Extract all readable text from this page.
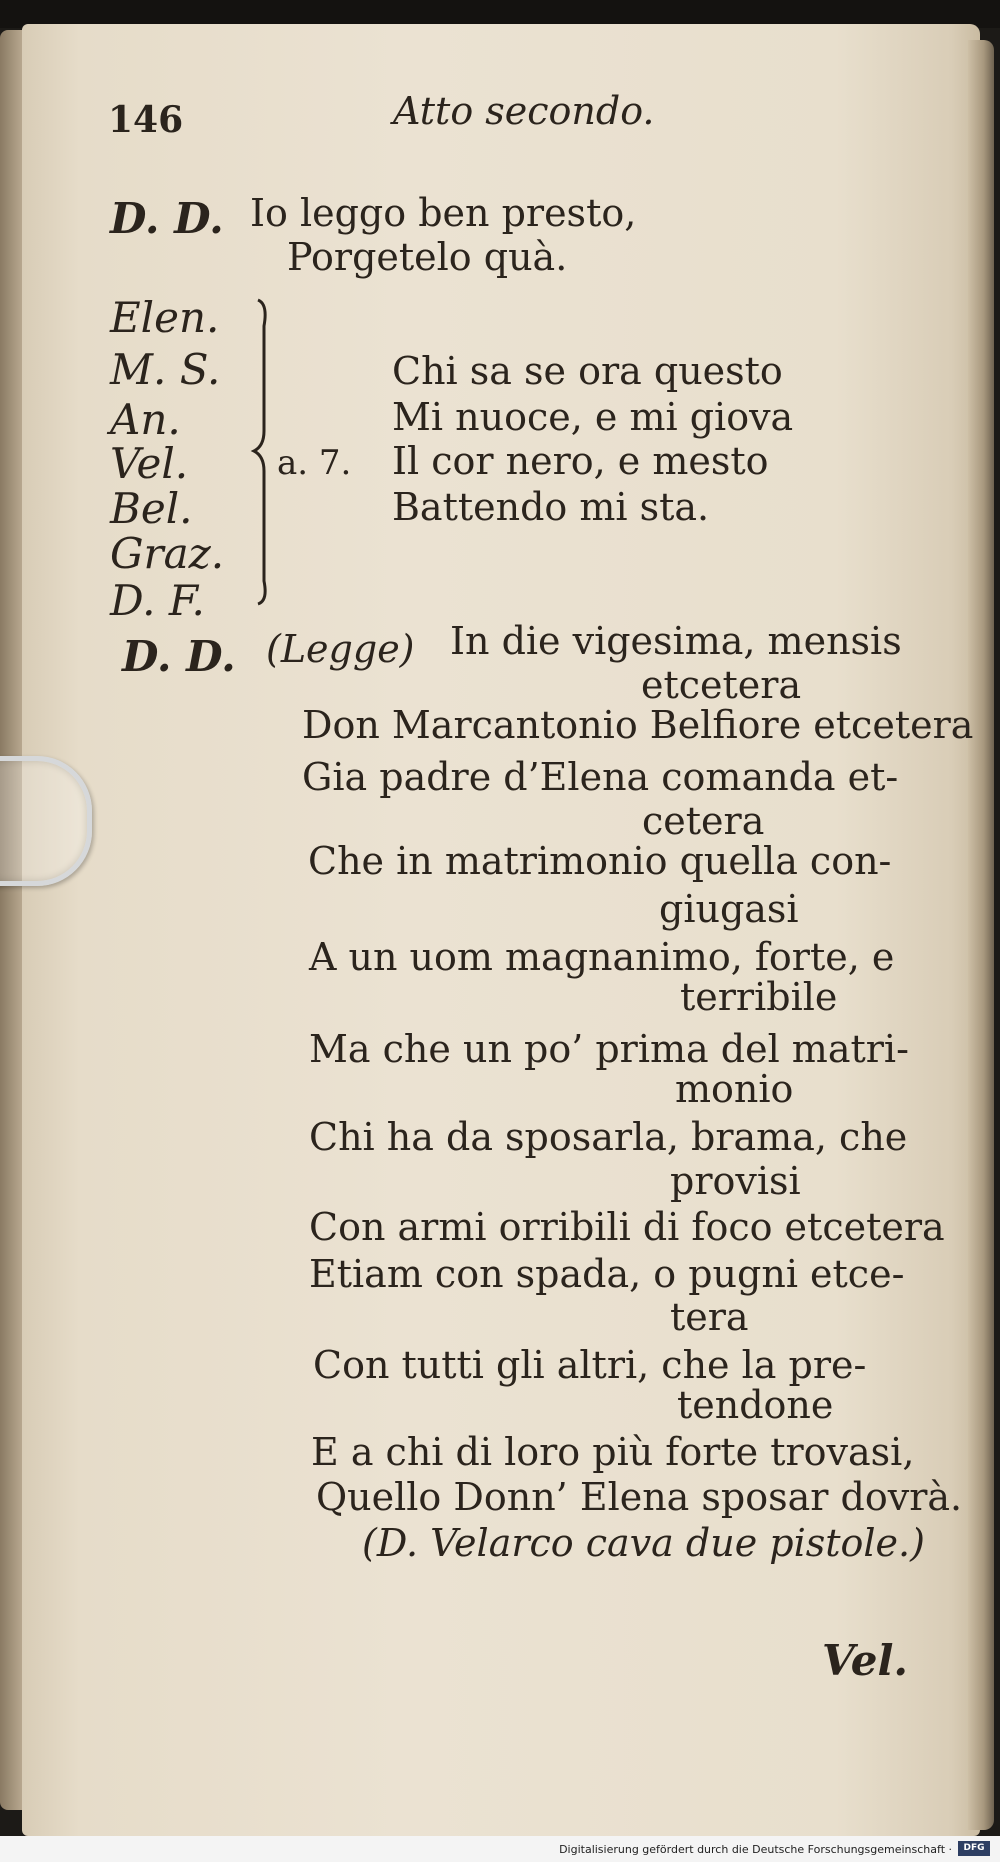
146	Atto secondo.
D. D. Io leggo ben presto,
Porgetelo quà.
Elen.
M. S.
An.
Vel.
Bel.
Graz.
D. F.
a. 7.
Chi sa se ora questo
Mi nuoce, e mi giova
Il cor nero, e mesto
Battendo mi sta.
D. D. (Legge) In die vigesima, mensis
etcetera
Don Marcantonio Belfiore etcetera
Gia padre d’Elena comanda et-
cetera
Che in matrimonio quella con-
giugasi
A un uom magnanimo, forte, e
terribile
Ma che un po’ prima del matri-
monio
Chi ha da sposarla, brama, che
provisi
Con armi orribili di foco etcetera
Etiam con spada, o pugni etce-
tera
Con tutti gli altri, che la pre-
tendone
E a chi di loro più forte trovasi,
Quello Donn’ Elena sposar dovrà.
(D. Velarco cava due pistole.)
Vel.
Digitalisierung gefördert durch die Deutsche Forschungsgemeinschaft ·	DFG
